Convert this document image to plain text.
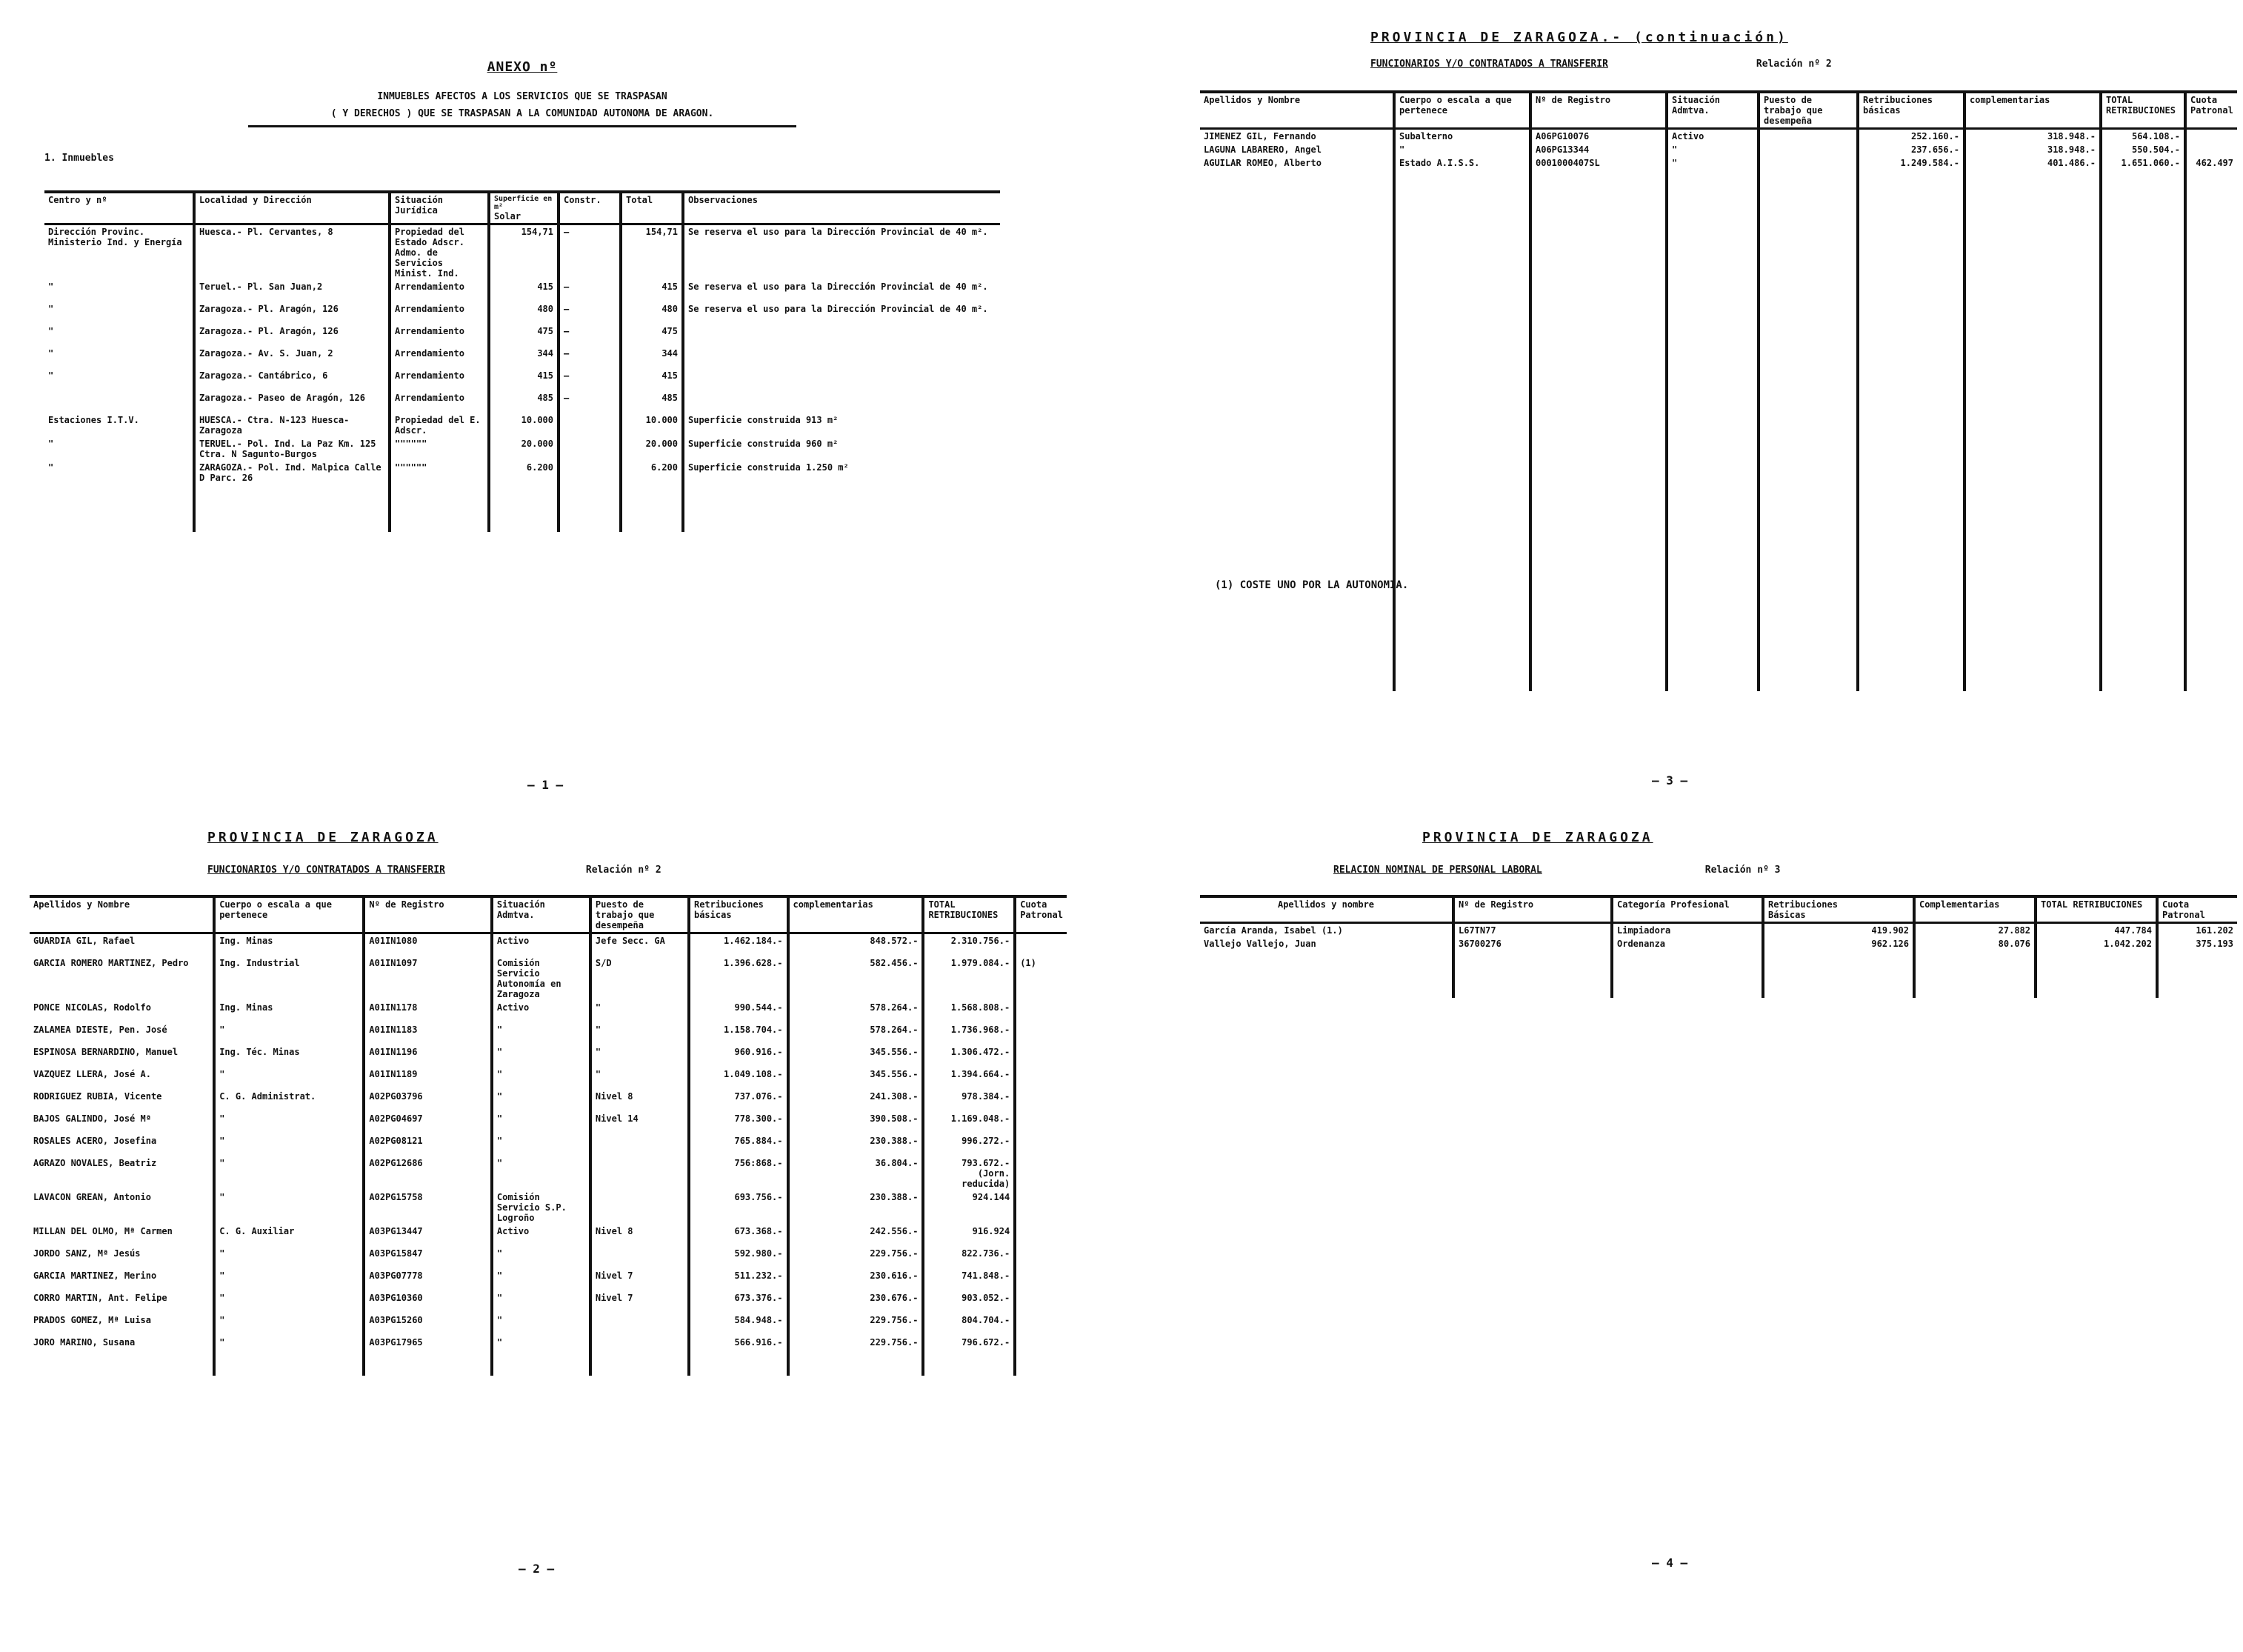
ANEXO nº
INMUEBLES AFECTOS A LOS SERVICIOS QUE SE TRASPASAN
( Y DERECHOS ) QUE SE TRASPASAN A LA COMUNIDAD AUTONOMA DE ARAGON.
1. Inmuebles
Centro y nº	Localidad y Dirección	Situación Jurídica	Superficie en m²
Solar	Constr.	Total	Observaciones
Dirección Provinc. Ministerio Ind. y Energía	Huesca.- Pl. Cervantes, 8	Propiedad del Estado Adscr. Admo. de Servicios Minist. Ind.	154,71	—	154,71	Se reserva el uso para la Dirección Provincial de 40 m².
"	Teruel.- Pl. San Juan,2	Arrendamiento	415	—	415	Se reserva el uso para la Dirección Provincial de 40 m².
"	Zaragoza.- Pl. Aragón, 126	Arrendamiento	480	—	480	Se reserva el uso para la Dirección Provincial de 40 m².
"	Zaragoza.- Pl. Aragón, 126	Arrendamiento	475	—	475	
"	Zaragoza.- Av. S. Juan, 2	Arrendamiento	344	—	344	
"	Zaragoza.- Cantábrico, 6	Arrendamiento	415	—	415	
	Zaragoza.- Paseo de Aragón, 126	Arrendamiento	485	—	485	
Estaciones I.T.V.	HUESCA.- Ctra. N-123 Huesca-Zaragoza	Propiedad del E. Adscr.	10.000		10.000	Superficie construida 913 m²
"	TERUEL.- Pol. Ind. La Paz Km. 125 Ctra. N Sagunto-Burgos	""""""	20.000		20.000	Superficie construida 960 m²
"	ZARAGOZA.- Pol. Ind. Malpica Calle D Parc. 26	""""""	6.200		6.200	Superficie construida 1.250 m²

— 1 —
PROVINCIA DE ZARAGOZA.- (continuación)
FUNCIONARIOS Y/O CONTRATADOS A TRANSFERIR	Relación nº 2
Apellidos y Nombre	Cuerpo o escala a que pertenece	Nº de Registro	Situación Admtva.	Puesto de trabajo que desempeña	Retribuciones
básicas	complementarias	TOTAL RETRIBUCIONES	Cuota Patronal
JIMENEZ GIL, Fernando	Subalterno	A06PG10076	Activo		252.160.-	318.948.-	564.108.-	
LAGUNA LABARERO, Angel	"	A06PG13344	"		237.656.-	318.948.-	550.504.-	
AGUILAR ROMEO, Alberto	Estado A.I.S.S.	0001000407SL	"		1.249.584.-	401.486.-	1.651.060.-	462.497

(1) COSTE UNO POR LA AUTONOMIA.
— 3 —
PROVINCIA DE ZARAGOZA
FUNCIONARIOS Y/O CONTRATADOS A TRANSFERIR	Relación nº 2
Apellidos y Nombre	Cuerpo o escala a que pertenece	Nº de Registro	Situación Admtva.	Puesto de trabajo que desempeña	Retribuciones
básicas	complementarias	TOTAL RETRIBUCIONES	Cuota Patronal
GUARDIA GIL, Rafael	Ing. Minas	A01IN1080	Activo	Jefe Secc. GA	1.462.184.-	848.572.-	2.310.756.-	
GARCIA ROMERO MARTINEZ, Pedro	Ing. Industrial	A01IN1097	Comisión Servicio Autonomía en Zaragoza	S/D	1.396.628.-	582.456.-	1.979.084.-	(1)
PONCE NICOLAS, Rodolfo	Ing. Minas	A01IN1178	Activo	"	990.544.-	578.264.-	1.568.808.-	
ZALAMEA DIESTE, Pen. José	"	A01IN1183	"	"	1.158.704.-	578.264.-	1.736.968.-	
ESPINOSA BERNARDINO, Manuel	Ing. Téc. Minas	A01IN1196	"	"	960.916.-	345.556.-	1.306.472.-	
VAZQUEZ LLERA, José A.	"	A01IN1189	"	"	1.049.108.-	345.556.-	1.394.664.-	
RODRIGUEZ RUBIA, Vicente	C. G. Administrat.	A02PG03796	"	Nivel 8	737.076.-	241.308.-	978.384.-	
BAJOS GALINDO, José Mª	"	A02PG04697	"	Nivel 14	778.300.-	390.508.-	1.169.048.-	
ROSALES ACERO, Josefina	"	A02PG08121	"		765.884.-	230.388.-	996.272.-	
AGRAZO NOVALES, Beatriz	"	A02PG12686	"		756:868.-	36.804.-	793.672.- (Jorn. reducida)	
LAVACON GREAN, Antonio	"	A02PG15758	Comisión Servicio S.P. Logroño		693.756.-	230.388.-	924.144	
MILLAN DEL OLMO, Mª Carmen	C. G. Auxiliar	A03PG13447	Activo	Nivel 8	673.368.-	242.556.-	916.924	
JORDO SANZ, Mª Jesús	"	A03PG15847	"		592.980.-	229.756.-	822.736.-	
GARCIA MARTINEZ, Merino	"	A03PG07778	"	Nivel 7	511.232.-	230.616.-	741.848.-	
CORRO MARTIN, Ant. Felipe	"	A03PG10360	"	Nivel 7	673.376.-	230.676.-	903.052.-	
PRADOS GOMEZ, Mª Luisa	"	A03PG15260	"		584.948.-	229.756.-	804.704.-	
JORO MARINO, Susana	"	A03PG17965	"		566.916.-	229.756.-	796.672.-	

— 2 —
PROVINCIA DE ZARAGOZA
RELACION NOMINAL DE PERSONAL LABORAL	Relación nº 3
Apellidos y nombre	Nº de Registro	Categoría Profesional	Retribuciones
Básicas	Complementarias	TOTAL RETRIBUCIONES	Cuota Patronal
García Aranda, Isabel (1.)	L67TN77	Limpiadora	419.902	27.882	447.784	161.202
Vallejo Vallejo, Juan	36700276	Ordenanza	962.126	80.076	1.042.202	375.193

— 4 —
